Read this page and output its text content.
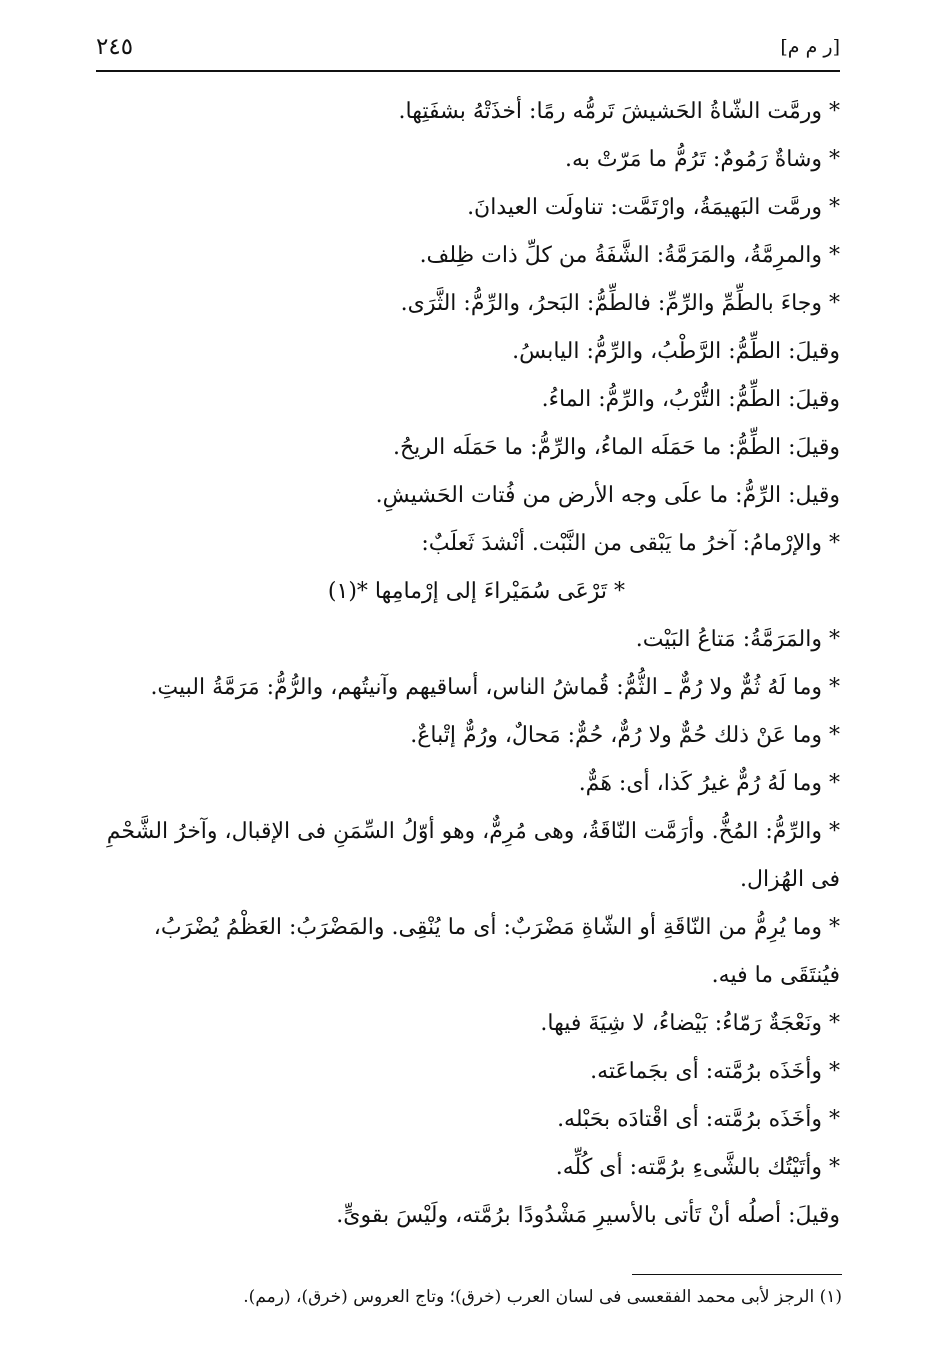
٢٤٥	[ر م م]

* ورمَّت الشّاةُ الحَشيشَ تَرمُّه رمًا: أخذَتْهُ بشفَتِها.

* وشاةٌ رَمُومٌ: تَرُمُّ ما مَرّتْ به.

* ورمَّت البَهيمَةُ، وارْتَمَّت: تناولَت العيدانَ.

* والمرِمَّةُ، والمَرَمَّةُ: الشَّفَةُ من كلِّ ذات ظِلف.

* وجاءَ بالطِّمِّ والرِّمِّ: فالطِّمُّ: البَحرُ، والرِّمُّ: الثَّرَى.

وقيلَ: الطِّمُّ: الرَّطْبُ، والرِّمُّ: اليابسُ.

وقيلَ: الطِّمُّ: التُّرْبُ، والرِّمُّ: الماءُ.

وقيلَ: الطِّمُّ: ما حَمَلَه الماءُ، والرِّمُّ: ما حَمَلَه الريحُ.

وقيل: الرِّمُّ: ما علَى وجه الأرض من فُتات الحَشيشِ.

* والإرْمامُ: آخرُ ما يَبْقى من النَّبْت. أنْشدَ ثَعلَبٌ:

* تَرْعَى سُمَيْراءَ إلى إرْمامِها *(١)

* والمَرَمَّةُ: مَتاعُ البَيْت.

* وما لَهُ ثُمٌّ ولا رُمٌّ ـ الثُّمُّ: قُماشُ الناس، أساقيهم وآنيتُهم، والرُّمُّ: مَرَمَّةُ البيتِ.

* وما عَنْ ذلك حُمٌّ ولا رُمٌّ، حُمٌّ: مَحالٌ، ورُمٌّ إتْباعٌ.

* وما لَهُ رُمٌّ غيرُ كَذا، أى: هَمٌّ.

* والرِّمُّ: المُخُّ. وأرَمَّت النّاقَةُ، وهى مُرِمٌّ، وهو أوّلُ السِّمَنِ فى الإقبال، وآخرُ الشَّحْمِ فى الهُزال.

* وما يُرِمُّ من النّاقَةِ أو الشّاةِ مَضْرَبٌ: أى ما يُنْقِى. والمَضْرَبُ: العَظْمُ يُضْرَبُ، فيُنتَقَى ما فيه.

* ونَعْجَةٌ رَمّاءُ: بَيْضاءُ، لا شِيَةَ فيها.

* وأخَذَه برُمَّته: أى بجَماعَته.

* وأخَذَه برُمَّته: أى اقْتادَه بحَبْله.

* وأتَيْتُك بالشَّىءِ برُمَّته: أى كُلِّه.

وقيلَ: أصلُه أنْ تَأتى بالأسيرِ مَشْدُودًا برُمَّته، ولَيْسَ بقوىٍّ.

(١) الرجز لأبى محمد الفقعسى فى لسان العرب (خرق)؛ وتاج العروس (خرق)، (رمم).
